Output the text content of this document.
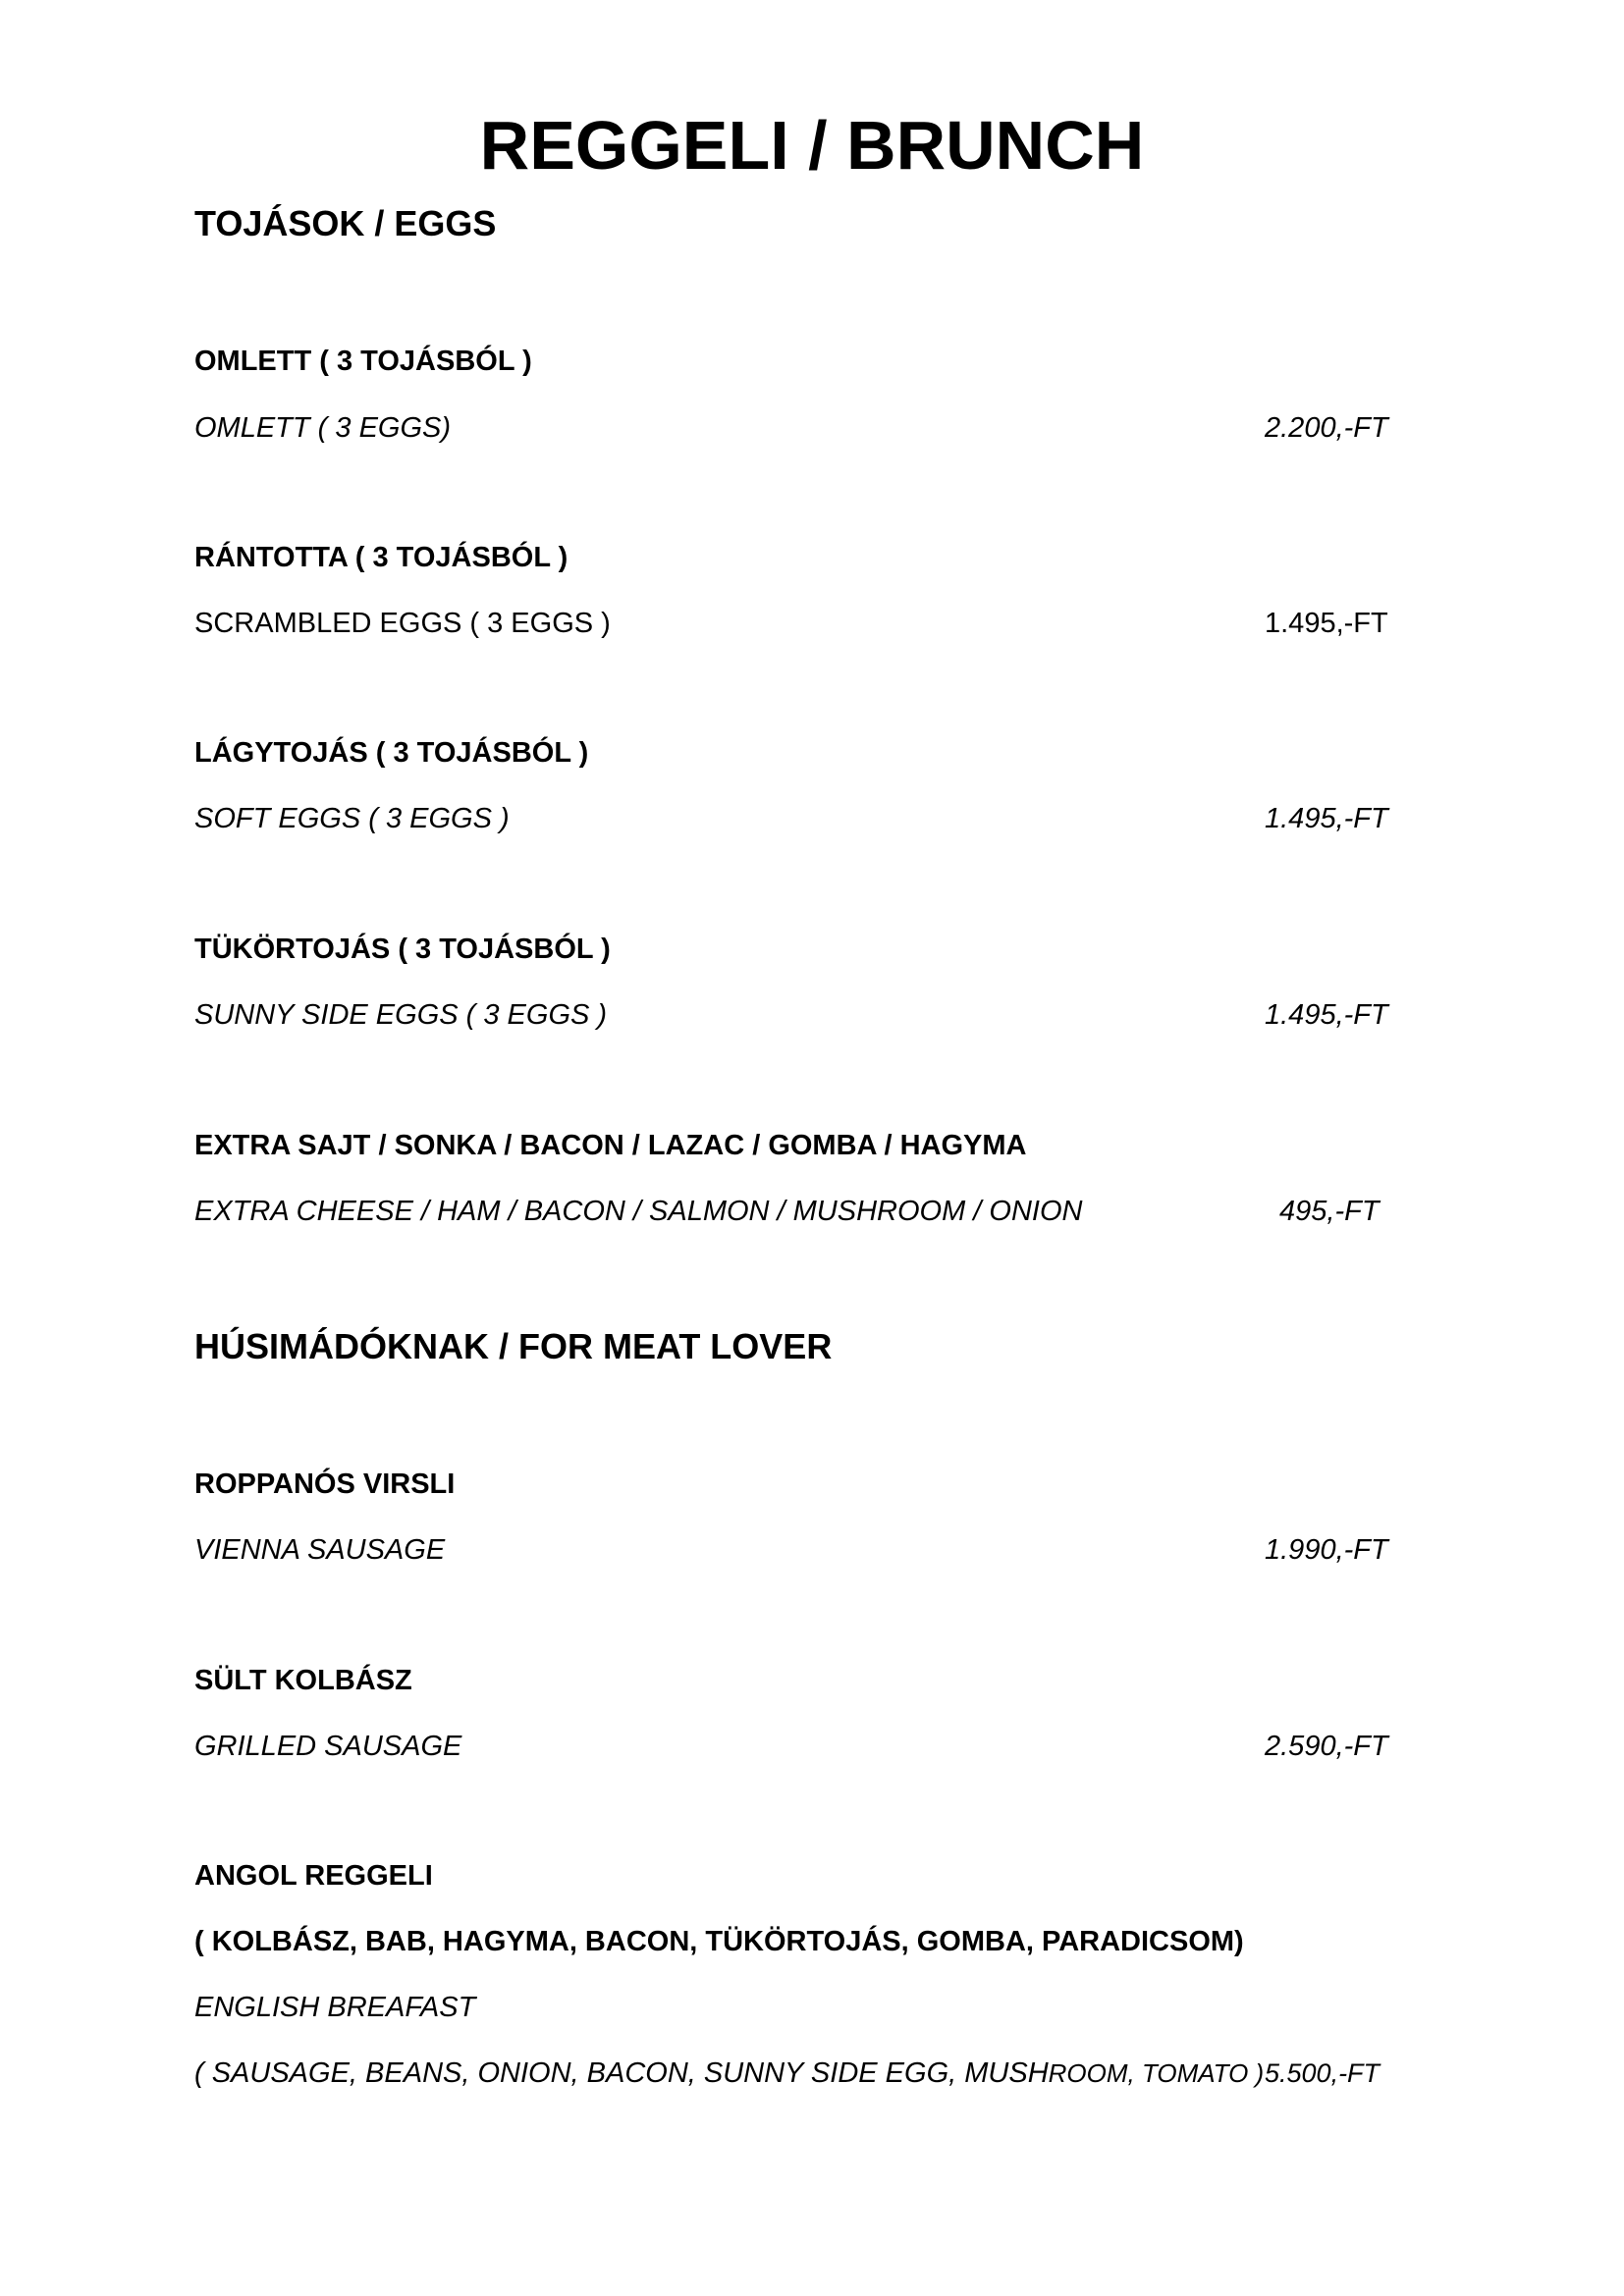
REGGELI / BRUNCH
TOJÁSOK / EGGS
OMLETT ( 3 TOJÁSBÓL )
OMLETT ( 3 EGGS)	2.200,-FT
RÁNTOTTA ( 3 TOJÁSBÓL )
SCRAMBLED EGGS ( 3 EGGS )	1.495,-FT
LÁGYTOJÁS ( 3 TOJÁSBÓL )
SOFT EGGS ( 3 EGGS )	1.495,-FT
TÜKÖRTOJÁS ( 3 TOJÁSBÓL )
SUNNY SIDE EGGS ( 3 EGGS )	1.495,-FT
EXTRA SAJT / SONKA / BACON / LAZAC / GOMBA / HAGYMA
EXTRA CHEESE / HAM / BACON / SALMON / MUSHROOM / ONION	495,-FT
HÚSIMÁDÓKNAK / FOR MEAT LOVER
ROPPANÓS VIRSLI
VIENNA SAUSAGE	1.990,-FT
SÜLT KOLBÁSZ
GRILLED SAUSAGE	2.590,-FT
ANGOL REGGELI
( KOLBÁSZ, BAB, HAGYMA, BACON, TÜKÖRTOJÁS, GOMBA, PARADICSOM)
ENGLISH BREAFAST
( SAUSAGE, BEANS, ONION, BACON, SUNNY SIDE EGG, MUSHROOM, TOMATO ) 5.500,-FT
